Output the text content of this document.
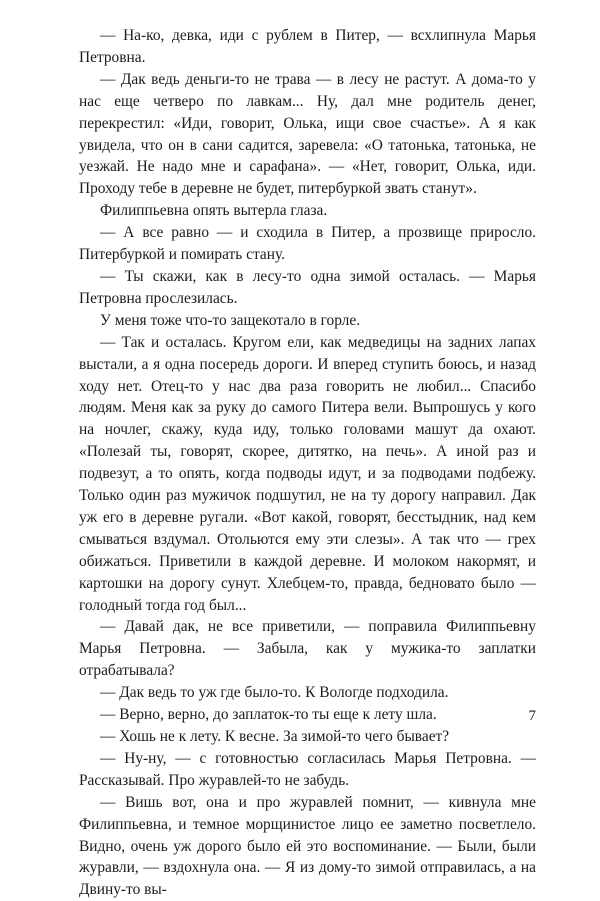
— На-ко, девка, иди с рублем в Питер, — всхлипнула Марья Петровна.

— Дак ведь деньги-то не трава — в лесу не растут. А дома-то у нас еще четверо по лавкам... Ну, дал мне родитель денег, перекрестил: «Иди, говорит, Олька, ищи свое счастье». А я как увидела, что он в сани садится, заревела: «О татонька, татонька, не уезжай. Не надо мне и сарафана». — «Нет, говорит, Олька, иди. Проходу тебе в деревне не будет, питербуркой звать станут».

Филиппьевна опять вытерла глаза.

— А все равно — и сходила в Питер, а прозвище приросло. Питербуркой и помирать стану.

— Ты скажи, как в лесу-то одна зимой осталась. — Марья Петровна прослезилась.

У меня тоже что-то защекотало в горле.

— Так и осталась. Кругом ели, как медведицы на задних лапах выстали, а я одна посередь дороги. И вперед ступить боюсь, и назад ходу нет. Отец-то у нас два раза говорить не любил... Спасибо людям. Меня как за руку до самого Питера вели. Выпрошусь у кого на ночлег, скажу, куда иду, только головами машут да охают. «Полезай ты, говорят, скорее, дитятко, на печь». А иной раз и подвезут, а то опять, когда подводы идут, и за подводами подбежу. Только один раз мужичок подшутил, не на ту дорогу направил. Дак уж его в деревне ругали. «Вот какой, говорят, бесстыдник, над кем смываться вздумал. Отольются ему эти слезы». А так что — грех обижаться. Приветили в каждой деревне. И молоком накормят, и картошки на дорогу сунут. Хлебцем-то, правда, бедновато было — голодный тогда год был...

— Давай дак, не все приветили, — поправила Филиппьевну Марья Петровна. — Забыла, как у мужика-то заплатки отрабатывала?

— Дак ведь то уж где было-то. К Вологде подходила.

— Верно, верно, до заплаток-то ты еще к лету шла.

— Хошь не к лету. К весне. За зимой-то чего бывает?

— Ну-ну, — с готовностью согласилась Марья Петровна. — Рассказывай. Про журавлей-то не забудь.

— Вишь вот, она и про журавлей помнит, — кивнула мне Филиппьевна, и темное морщинистое лицо ее заметно посветлело. Видно, очень уж дорого было ей это воспоминание. — Были, были журавли, — вздохнула она. — Я из дому-то зимой отправилась, а на Двину-то вы-

7
